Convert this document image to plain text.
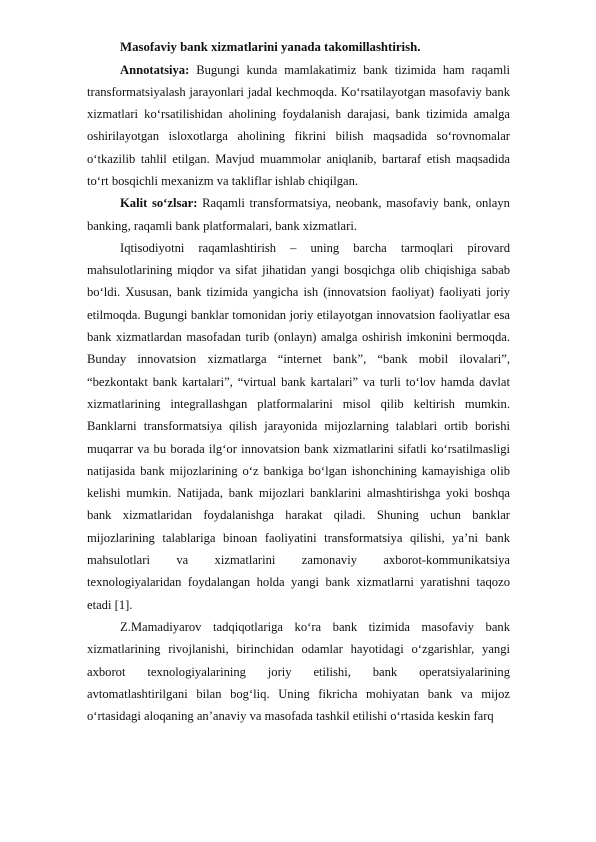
Masofaviy bank xizmatlarini yanada takomillashtirish.

Annotatsiya: Bugungi kunda mamlakatimiz bank tizimida ham raqamli transformatsiyalash jarayonlari jadal kechmoqda. Ko‘rsatilayotgan masofaviy bank xizmatlari ko‘rsatilishidan aholining foydalanish darajasi, bank tizimida amalga oshirilayotgan isloxotlarga aholining fikrini bilish maqsadida so‘rovnomalar o‘tkazilib tahlil etilgan. Mavjud muammolar aniqlanib, bartaraf etish maqsadida to‘rt bosqichli mexanizm va takliflar ishlab chiqilgan.

Kalit so‘zlsar: Raqamli transformatsiya, neobank, masofaviy bank, onlayn banking, raqamli bank platformalari, bank xizmatlari.

Iqtisodiyotni raqamlashtirish – uning barcha tarmoqlari pirovard mahsulotlarining miqdor va sifat jihatidan yangi bosqichga olib chiqishiga sabab bo‘ldi. Xususan, bank tizimida yangicha ish (innovatsion faoliyat) faoliyati joriy etilmoqda. Bugungi banklar tomonidan joriy etilayotgan innovatsion faoliyatlar esa bank xizmatlardan masofadan turib (onlayn) amalga oshirish imkonini bermoqda. Bunday innovatsion xizmatlarga “internet bank”, “bank mobil ilovalari”, “bezkontakt bank kartalari”, “virtual bank kartalari” va turli to‘lov hamda davlat xizmatlarining integrallashgan platformalarini misol qilib keltirish mumkin. Banklarni transformatsiya qilish jarayonida mijozlarning talablari ortib borishi muqarrar va bu borada ilg‘or innovatsion bank xizmatlarini sifatli ko‘rsatilmasligi natijasida bank mijozlarining o‘z bankiga bo‘lgan ishonchining kamayishiga olib kelishi mumkin. Natijada, bank mijozlari banklarini almashtirishga yoki boshqa bank xizmatlaridan foydalanishga harakat qiladi. Shuning uchun banklar mijozlarining talablariga binoan faoliyatini transformatsiya qilishi, ya’ni bank mahsulotlari va xizmatlarini zamonaviy axborot-kommunikatsiya texnologiyalaridan foydalangan holda yangi bank xizmatlarni yaratishni taqozo etadi [1].

Z.Mamadiyarov tadqiqotlariga ko‘ra bank tizimida masofaviy bank xizmatlarining rivojlanishi, birinchidan odamlar hayotidagi o‘zgarishlar, yangi axborot texnologiyalarining joriy etilishi, bank operatsiyalarining avtomatlashtirilgani bilan bog‘liq. Uning fikricha mohiyatan bank va mijoz o‘rtasidagi aloqaning an’anaviy va masofada tashkil etilishi o‘rtasida keskin farq
